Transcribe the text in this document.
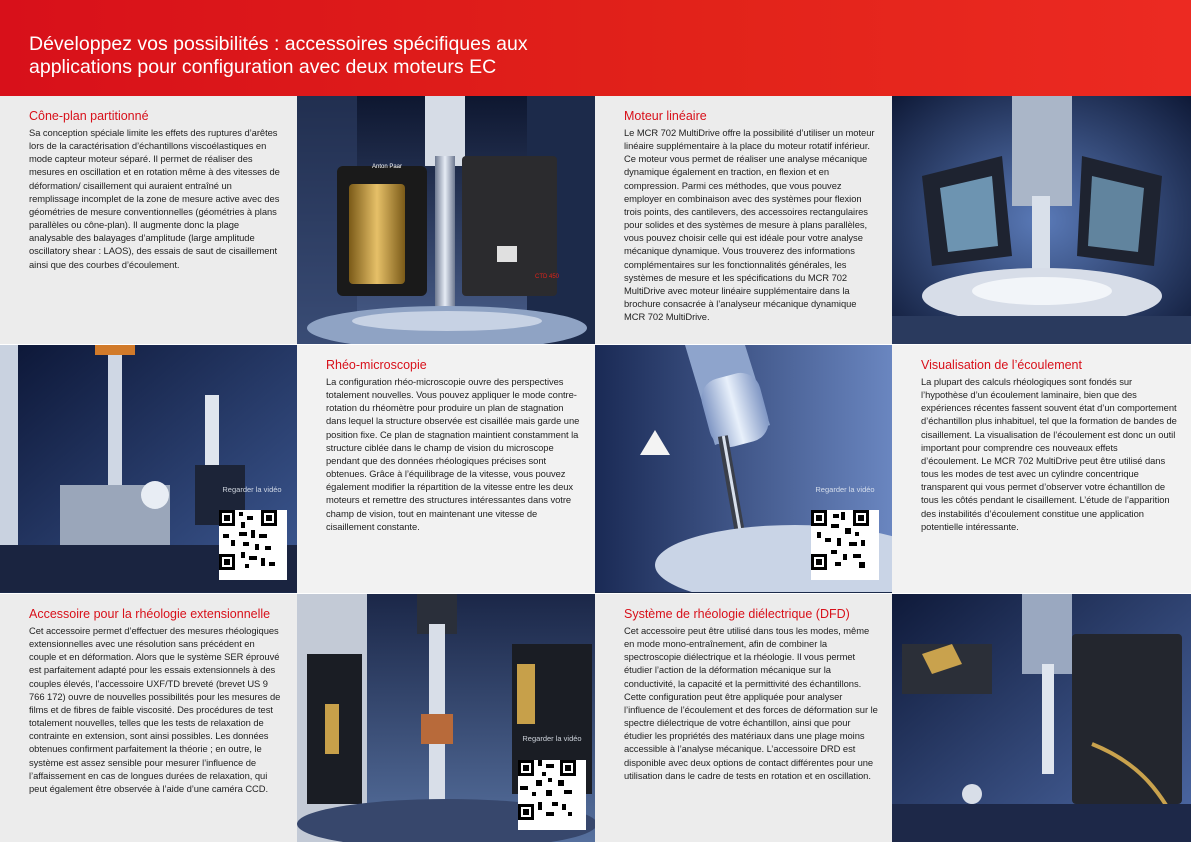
Développez vos possibilités : accessoires spécifiques aux applications pour configuration avec deux moteurs EC
Cône-plan partitionné

Sa conception spéciale limite les effets des ruptures d’arêtes lors de la caractérisation d’échantillons viscoélastiques en mode capteur moteur séparé. Il permet de réaliser des mesures en oscillation et en rotation même à des vitesses de déformation/ cisaillement qui auraient entraîné un remplissage incomplet de la zone de mesure active avec des géométries de mesure conventionnelles (géométries à plans parallèles ou cône-plan). Il augmente donc la plage analysable des balayages d’amplitude (large amplitude oscillatory shear : LAOS), des essais de saut de cisaillement ainsi que des courbes d’écoulement.

CTD 450
Anton Paar
Moteur linéaire

Le MCR 702 MultiDrive offre la possibilité d’utiliser un moteur linéaire supplémentaire à la place du moteur rotatif inférieur. Ce moteur vous permet de réaliser une analyse mécanique dynamique également en traction, en flexion et en compression. Parmi ces méthodes, que vous pouvez employer en combinaison avec des systèmes pour flexion trois points, des cantilevers, des accessoires rectangulaires pour solides et des systèmes de mesure à plans parallèles, vous pouvez choisir celle qui est idéale pour votre analyse mécanique dynamique. Vous trouverez des informations complémentaires sur les fonctionnalités générales, les systèmes de mesure et les spécifications du MCR 702 MultiDrive avec moteur linéaire supplémentaire dans la brochure consacrée à l’analyseur mécanique dynamique MCR 702 MultiDrive.

Regarder la vidéo
Rhéo-microscopie

La configuration rhéo-microscopie ouvre des perspectives totalement nouvelles. Vous pouvez appliquer le mode contre-rotation du rhéomètre pour produire un plan de stagnation dans lequel la structure observée est cisaillée mais garde une position fixe. Ce plan de stagnation maintient constamment la structure ciblée dans le champ de vision du microscope pendant que des données rhéologiques précises sont obtenues. Grâce à l’équilibrage de la vitesse, vous pouvez également modifier la répartition de la vitesse entre les deux moteurs et remettre des structures intéressantes dans votre champ de vision, tout en maintenant une vitesse de cisaillement constante.

Regarder la vidéo
Visualisation de l’écoulement

La plupart des calculs rhéologiques sont fondés sur l’hypothèse d’un écoulement laminaire, bien que des expériences récentes fassent souvent état d’un comportement d’échantillon plus inhabituel, tel que la formation de bandes de cisaillement. La visualisation de l’écoulement est donc un outil important pour comprendre ces nouveaux effets d’écoulement. Le MCR 702 MultiDrive peut être utilisé dans tous les modes de test avec un cylindre concentrique transparent qui vous permet d’observer votre échantillon de tous les côtés pendant le cisaillement. L’étude de l’apparition des instabilités d’écoulement constitue une application potentielle intéressante.

Accessoire pour la rhéologie extensionnelle

Cet accessoire permet d’effectuer des mesures rhéologiques extensionnelles avec une résolution sans précédent en couple et en déformation. Alors que le système SER éprouvé est parfaitement adapté pour les essais extensionnels à des couples élevés, l’accessoire UXF/TD breveté (brevet US 9 766 172) ouvre de nouvelles possibilités pour les mesures de films et de fibres de faible viscosité. Des procédures de test totalement nouvelles, telles que les tests de relaxation de contrainte en extension, sont ainsi possibles. Les données obtenues confirment parfaitement la théorie ; en outre, le système est assez sensible pour mesurer l’influence de l’affaissement en cas de longues durées de relaxation, qui peut également être observée à l’aide d’une caméra CCD.

Regarder la vidéo
Système de rhéologie diélectrique (DFD)

Cet accessoire peut être utilisé dans tous les modes, même en mode mono-entraînement, afin de combiner la spectroscopie diélectrique et la rhéologie. Il vous permet étudier l’action de la déformation mécanique sur la conductivité, la capacité et la permittivité des échantillons. Cette configuration peut être appliquée pour analyser l’influence de l’écoulement et des forces de déformation sur le spectre diélectrique de votre échantillon, ainsi que pour étudier les propriétés des matériaux dans une plage moins accessible à l’analyse mécanique. L’accessoire DRD est disponible avec deux options de contact différentes pour une utilisation dans le cadre de tests en rotation et en oscillation.
